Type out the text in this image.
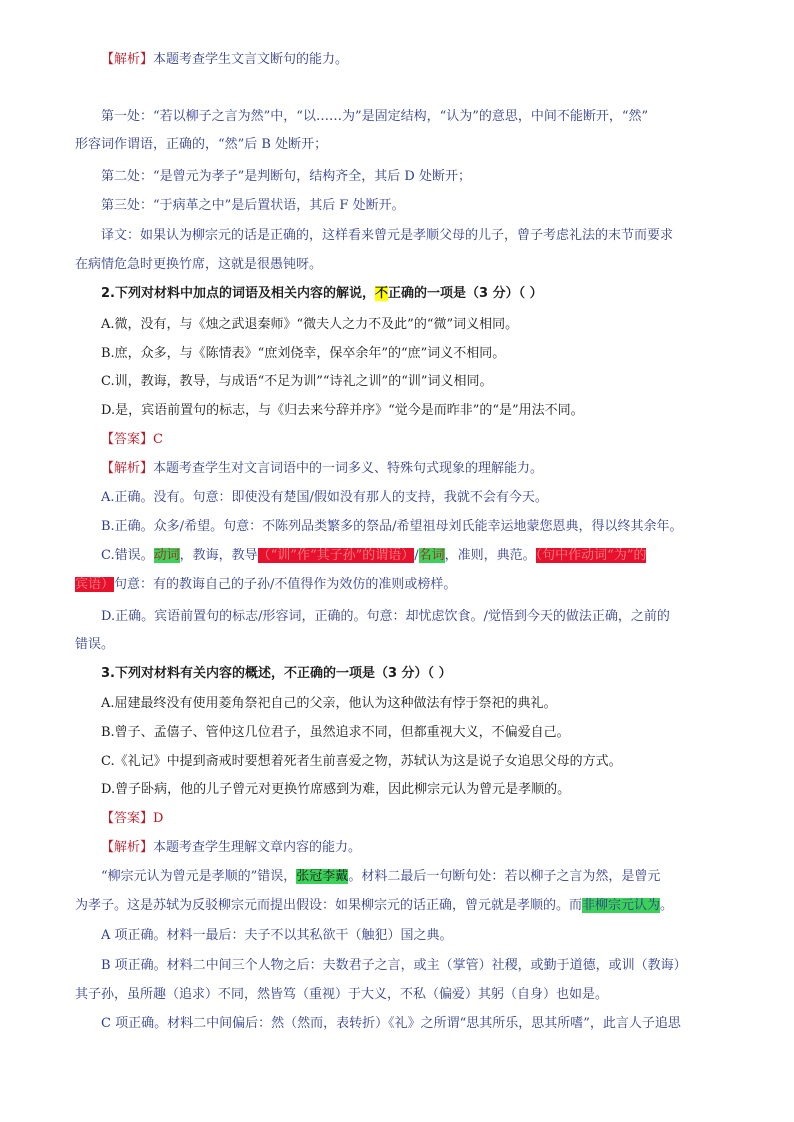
【解析】本题考查学生文言文断句的能力。

第一处：“若以柳子之言为然”中，“以……为”是固定结构，“认为”的意思，中间不能断开，“然”

形容词作谓语，正确的，“然”后 B 处断开；

第二处：“是曾元为孝子”是判断句，结构齐全，其后 D 处断开；

第三处：“于病革之中”是后置状语，其后 F 处断开。

译文：如果认为柳宗元的话是正确的，这样看来曾元是孝顺父母的儿子，曾子考虑礼法的末节而要求

在病情危急时更换竹席，这就是很愚钝呀。

2.下列对材料中加点的词语及相关内容的解说，不正确的一项是（3 分）（ ）

A.微，没有，与《烛之武退秦师》“微夫人之力不及此”的“微”词义相同。

B.庶，众多，与《陈情表》“庶刘侥幸，保卒余年”的“庶”词义不相同。

C.训，教诲，教导，与成语“不足为训”“诗礼之训”的“训”词义相同。

D.是，宾语前置句的标志，与《归去来兮辞并序》“觉今是而昨非”的“是”用法不同。

【答案】C

【解析】本题考查学生对文言词语中的一词多义、特殊句式现象的理解能力。

A.正确。没有。句意：即使没有楚国/假如没有那人的支持，我就不会有今天。

B.正确。众多/希望。句意：不陈列品类繁多的祭品/希望祖母刘氏能幸运地蒙您恩典，得以终其余年。

C.错误。动词，教诲，教导（“训”作“其子孙”的谓语）/名词，准则，典范。（句中作动词“为”的

宾语）句意：有的教诲自己的子孙/不值得作为效仿的准则或榜样。

D.正确。宾语前置句的标志/形容词，正确的。句意：却忧虑饮食。/觉悟到今天的做法正确，之前的

错误。

3.下列对材料有关内容的概述，不正确的一项是（3 分）（ ）

A.屈建最终没有使用菱角祭祀自己的父亲，他认为这种做法有悖于祭祀的典礼。

B.曾子、孟僖子、管仲这几位君子，虽然追求不同，但都重视大义，不偏爱自己。

C.《礼记》中提到斋戒时要想着死者生前喜爱之物，苏轼认为这是说子女追思父母的方式。

D.曾子卧病，他的儿子曾元对更换竹席感到为难，因此柳宗元认为曾元是孝顺的。

【答案】D

【解析】本题考查学生理解文章内容的能力。

“柳宗元认为曾元是孝顺的”错误，张冠李戴。材料二最后一句断句处：若以柳子之言为然，是曾元

为孝子。这是苏轼为反驳柳宗元而提出假设：如果柳宗元的话正确，曾元就是孝顺的。而非柳宗元认为。

A 项正确。材料一最后：夫子不以其私欲干（触犯）国之典。

B 项正确。材料二中间三个人物之后：夫数君子之言，或主（掌管）社稷，或勤于道德，或训（教诲）

其子孙，虽所趣（追求）不同，然皆笃（重视）于大义，不私（偏爱）其躬（自身）也如是。

C 项正确。材料二中间偏后：然（然而，表转折）《礼》之所谓“思其所乐，思其所嗜”，此言人子追思
